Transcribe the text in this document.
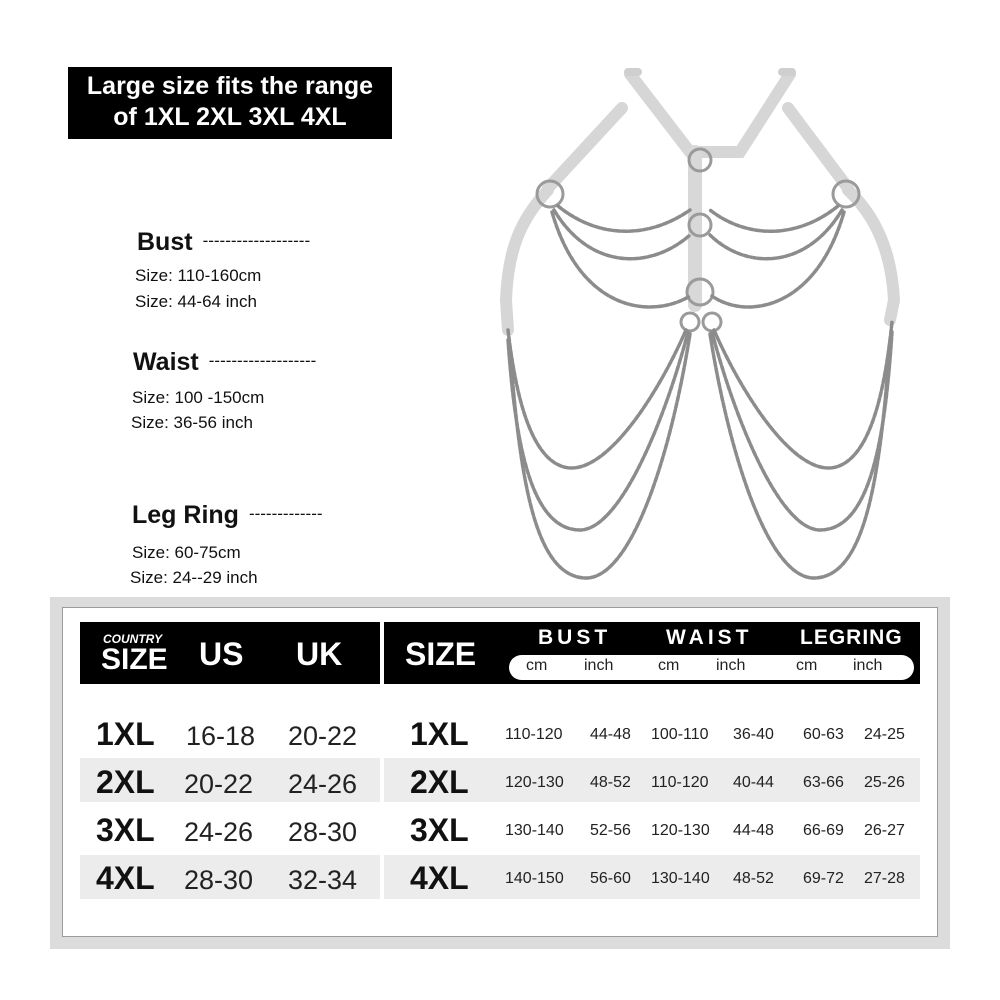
Large size fits the range
of 1XL 2XL 3XL 4XL
Bust -------------------
Size: 110-160cm
Size: 44-64 inch
Waist -------------------
Size: 100 -150cm
Size: 36-56 inch
Leg Ring -------------
Size: 60-75cm
Size: 24--29 inch
COUNTRY
SIZE US UK SIZE	BUST	WAIST LEGRING
cm inch	cm inch	cm inch
1XL 16-18 20-22 1XL 110-120 44-48 100-110 36-40 60-63 24-25
2XL 20-22 24-26 2XL 120-130 48-52 110-120 40-44 63-66 25-26
3XL 24-26 28-30 3XL 130-140 52-56 120-130 44-48 66-69 26-27
4XL 28-30 32-34 4XL 140-150 56-60 130-140 48-52 69-72 27-28
